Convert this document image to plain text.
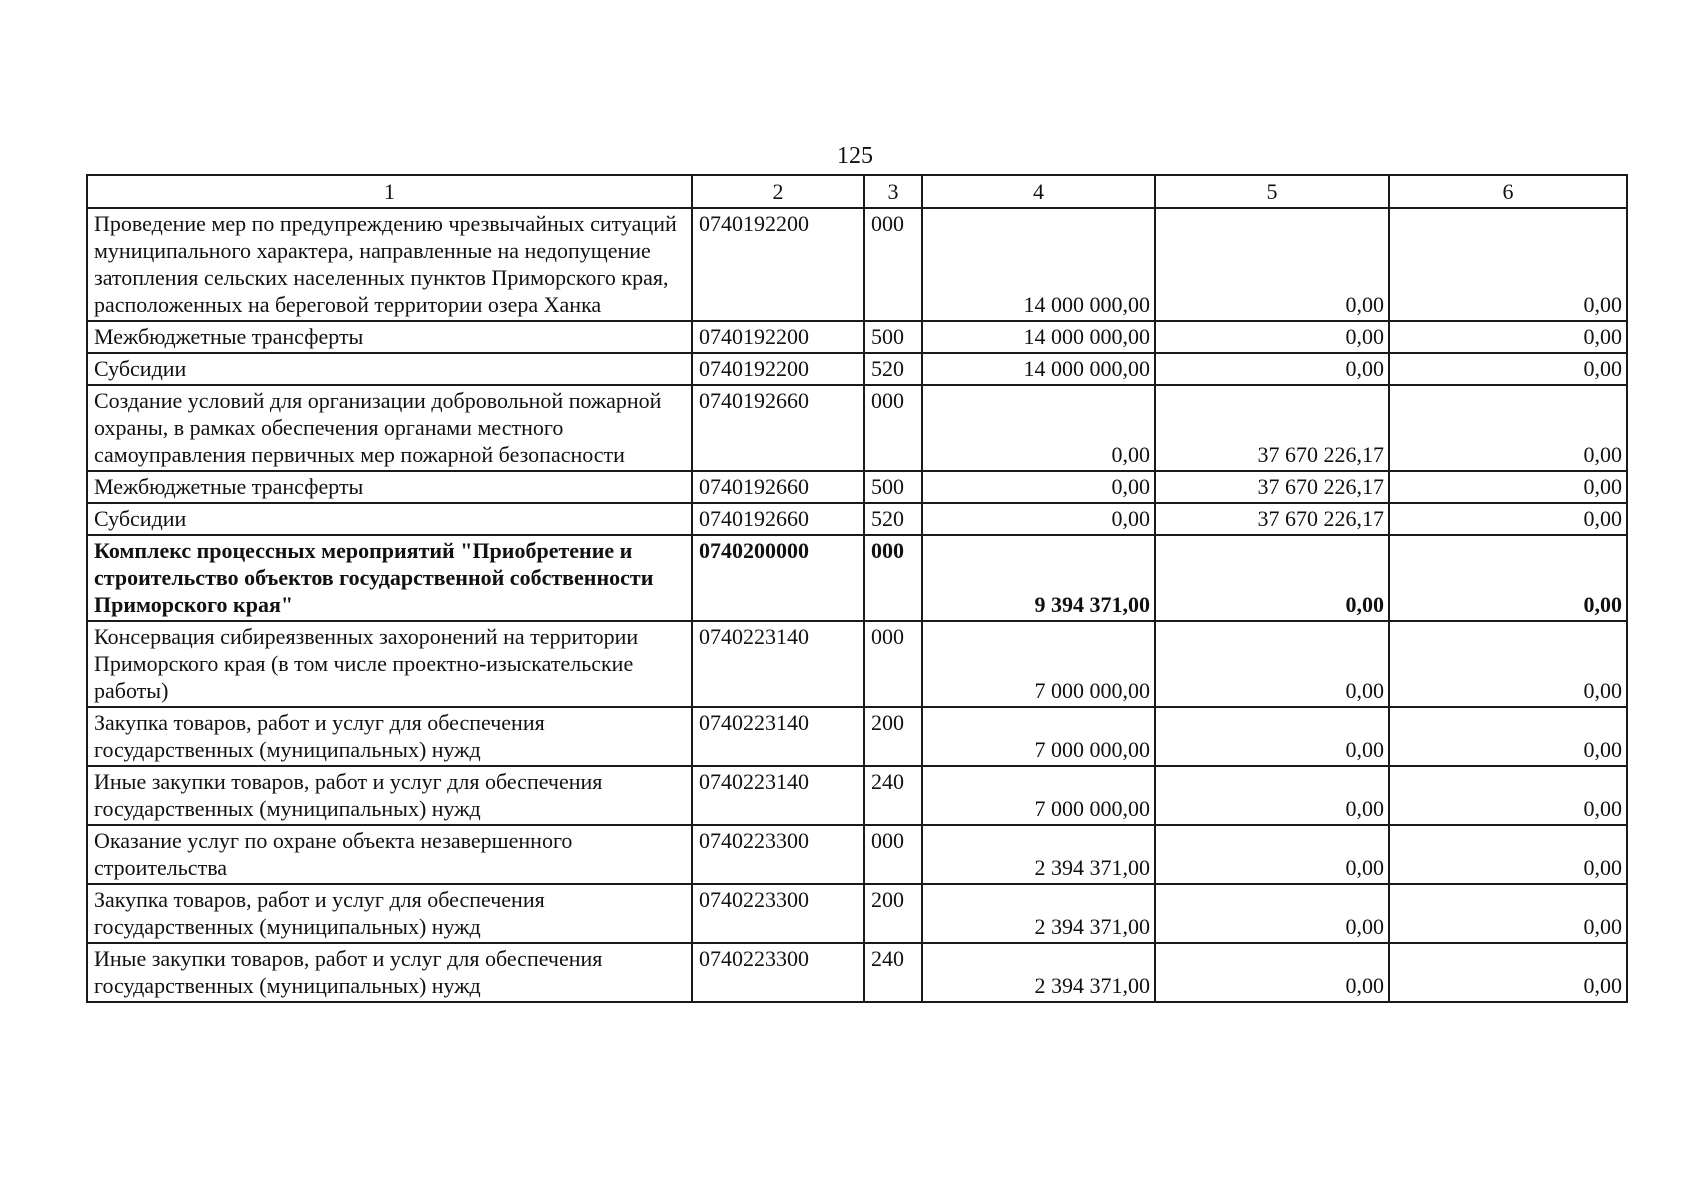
125
1	2	3	4	5	6
Проведение мер по предупреждению чрезвычайных ситуаций муниципального характера, направленные на недопущение затопления сельских населенных пунктов Приморского края, расположенных на береговой территории озера Ханка	0740192200	000	14 000 000,00	0,00	0,00
Межбюджетные трансферты	0740192200	500	14 000 000,00	0,00	0,00
Субсидии	0740192200	520	14 000 000,00	0,00	0,00
Создание условий для организации добровольной пожарной охраны, в рамках обеспечения органами местного самоуправления первичных мер пожарной безопасности	0740192660	000	0,00	37 670 226,17	0,00
Межбюджетные трансферты	0740192660	500	0,00	37 670 226,17	0,00
Субсидии	0740192660	520	0,00	37 670 226,17	0,00
Комплекс процессных мероприятий "Приобретение и строительство объектов государственной собственности Приморского края"	0740200000	000	9 394 371,00	0,00	0,00
Консервация сибиреязвенных захоронений на территории Приморского края (в том числе проектно-изыскательские работы)	0740223140	000	7 000 000,00	0,00	0,00
Закупка товаров, работ и услуг для обеспечения государственных (муниципальных) нужд	0740223140	200	7 000 000,00	0,00	0,00
Иные закупки товаров, работ и услуг для обеспечения государственных (муниципальных) нужд	0740223140	240	7 000 000,00	0,00	0,00
Оказание услуг по охране объекта незавершенного строительства	0740223300	000	2 394 371,00	0,00	0,00
Закупка товаров, работ и услуг для обеспечения государственных (муниципальных) нужд	0740223300	200	2 394 371,00	0,00	0,00
Иные закупки товаров, работ и услуг для обеспечения государственных (муниципальных) нужд	0740223300	240	2 394 371,00	0,00	0,00
